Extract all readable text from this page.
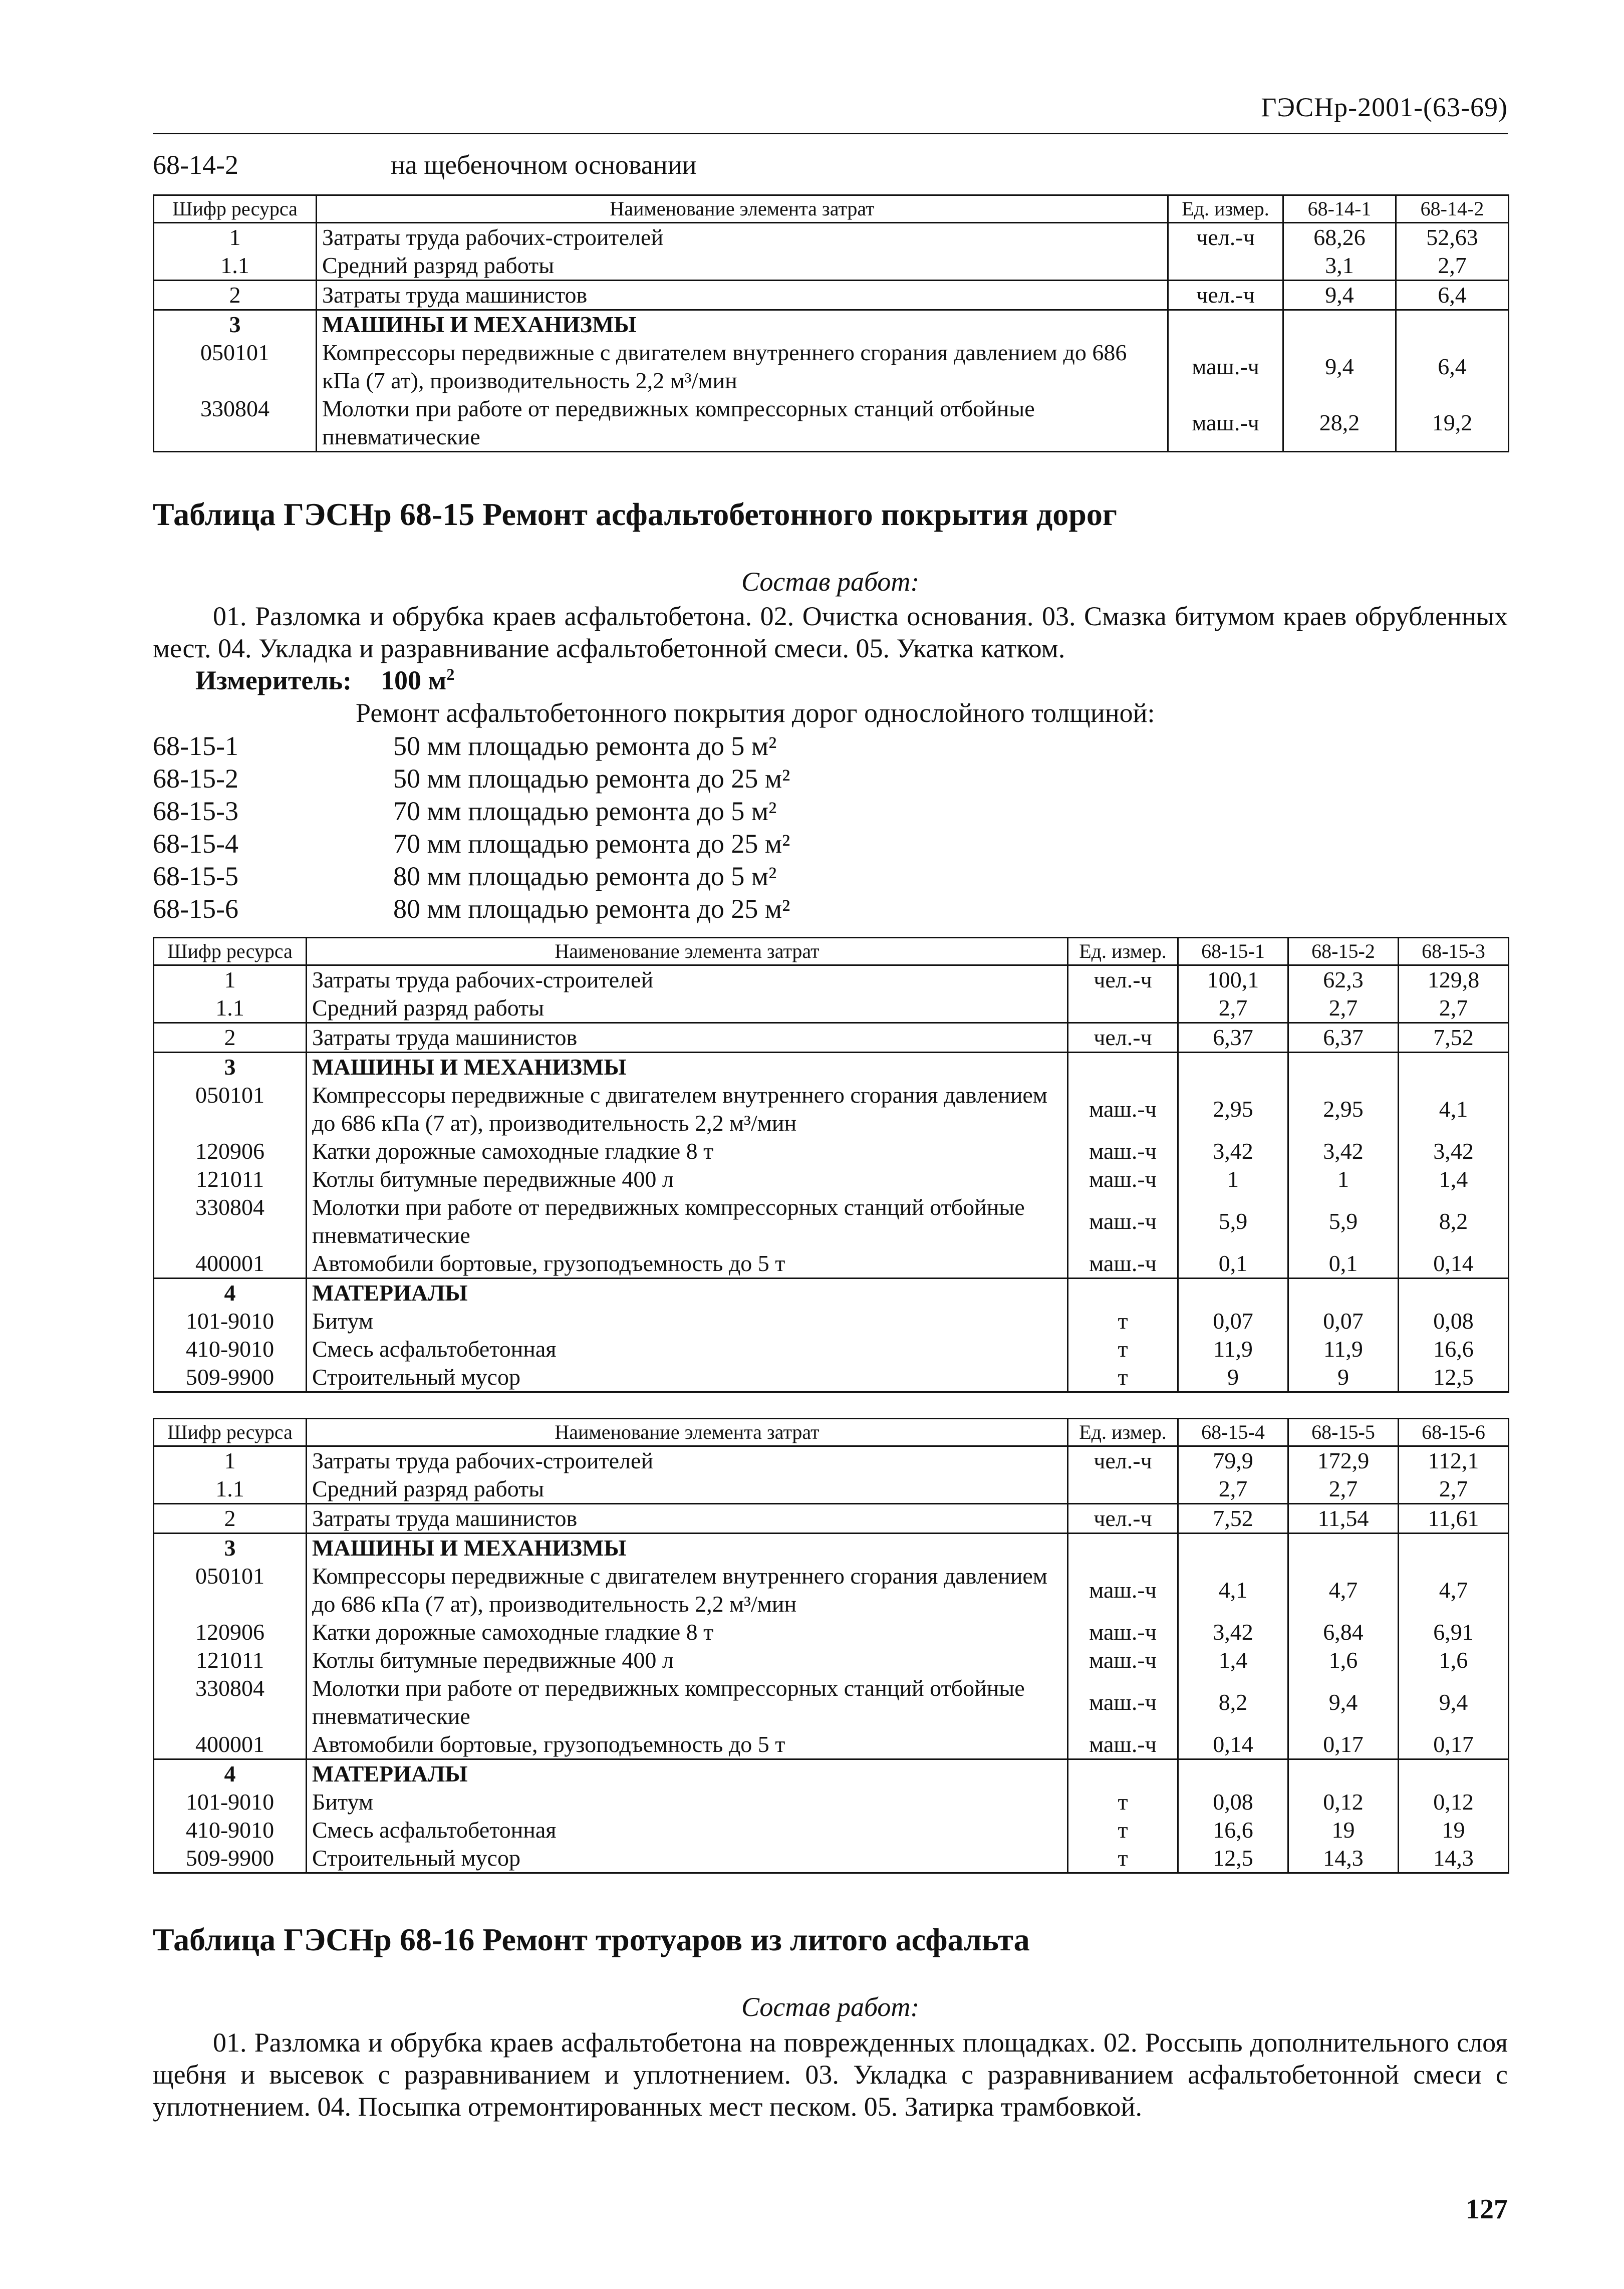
ГЭСНр-2001-(63-69)
68-14-2	на щебеночном основании
Шифр ресурса	Наименование элемента затрат	Ед. измер.	68-14-1	68-14-2
1	Затраты труда рабочих-строителей	чел.-ч	68,26	52,63
1.1	Средний разряд работы		3,1	2,7
2	Затраты труда машинистов	чел.-ч	9,4	6,4
3	МАШИНЫ И МЕХАНИЗМЫ			
050101	Компрессоры передвижные с двигателем внутреннего сгорания давлением до 686 кПа (7 ат), производительность 2,2 м³/мин	маш.-ч	9,4	6,4
330804	Молотки при работе от передвижных компрессорных станций отбойные пневматические	маш.-ч	28,2	19,2
Таблица ГЭСНр 68-15 Ремонт асфальтобетонного покрытия дорог
Состав работ:
01. Разломка и обрубка краев асфальтобетона. 02. Очистка основания. 03. Смазка битумом краев обрубленных мест. 04. Укладка и разравнивание асфальтобетонной смеси. 05. Укатка катком.
Измеритель: 100 $м^2$
Ремонт асфальтобетонного покрытия дорог однослойного толщиной:
68-15-1	50 мм площадью ремонта до 5 м²
68-15-2	50 мм площадью ремонта до 25 м²
68-15-3	70 мм площадью ремонта до 5 м²
68-15-4	70 мм площадью ремонта до 25 м²
68-15-5	80 мм площадью ремонта до 5 м²
68-15-6	80 мм площадью ремонта до 25 м²
Шифр ресурса	Наименование элемента затрат	Ед. измер.	68-15-1	68-15-2	68-15-3
1	Затраты труда рабочих-строителей	чел.-ч	100,1	62,3	129,8
1.1	Средний разряд работы		2,7	2,7	2,7
2	Затраты труда машинистов	чел.-ч	6,37	6,37	7,52
3	МАШИНЫ И МЕХАНИЗМЫ				
050101	Компрессоры передвижные с двигателем внутреннего сгорания давлением до 686 кПа (7 ат), производительность 2,2 м³/мин	маш.-ч	2,95	2,95	4,1
120906	Катки дорожные самоходные гладкие 8 т	маш.-ч	3,42	3,42	3,42
121011	Котлы битумные передвижные 400 л	маш.-ч	1	1	1,4
330804	Молотки при работе от передвижных компрессорных станций отбойные пневматические	маш.-ч	5,9	5,9	8,2
400001	Автомобили бортовые, грузоподъемность до 5 т	маш.-ч	0,1	0,1	0,14
4	МАТЕРИАЛЫ				
101-9010	Битум	т	0,07	0,07	0,08
410-9010	Смесь асфальтобетонная	т	11,9	11,9	16,6
509-9900	Строительный мусор	т	9	9	12,5
Шифр ресурса	Наименование элемента затрат	Ед. измер.	68-15-4	68-15-5	68-15-6
1	Затраты труда рабочих-строителей	чел.-ч	79,9	172,9	112,1
1.1	Средний разряд работы		2,7	2,7	2,7
2	Затраты труда машинистов	чел.-ч	7,52	11,54	11,61
3	МАШИНЫ И МЕХАНИЗМЫ				
050101	Компрессоры передвижные с двигателем внутреннего сгорания давлением до 686 кПа (7 ат), производительность 2,2 м³/мин	маш.-ч	4,1	4,7	4,7
120906	Катки дорожные самоходные гладкие 8 т	маш.-ч	3,42	6,84	6,91
121011	Котлы битумные передвижные 400 л	маш.-ч	1,4	1,6	1,6
330804	Молотки при работе от передвижных компрессорных станций отбойные пневматические	маш.-ч	8,2	9,4	9,4
400001	Автомобили бортовые, грузоподъемность до 5 т	маш.-ч	0,14	0,17	0,17
4	МАТЕРИАЛЫ				
101-9010	Битум	т	0,08	0,12	0,12
410-9010	Смесь асфальтобетонная	т	16,6	19	19
509-9900	Строительный мусор	т	12,5	14,3	14,3
Таблица ГЭСНр 68-16 Ремонт тротуаров из литого асфальта
Состав работ:
01. Разломка и обрубка краев асфальтобетона на поврежденных площадках. 02. Россыпь дополнительного слоя щебня и высевок с разравниванием и уплотнением. 03. Укладка с разравниванием асфальтобетонной смеси с уплотнением. 04. Посыпка отремонтированных мест песком. 05. Затирка трамбовкой.
127
